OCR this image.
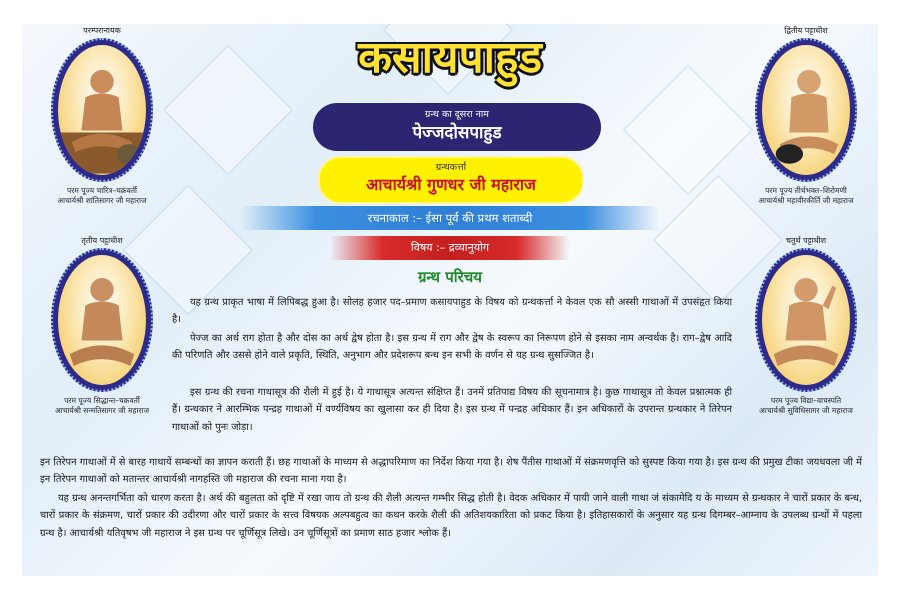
परम्परानायक
परम पूज्य चारित्र–चक्रवर्ती
आचार्यश्री शांतिसागर जी महाराज
द्वितीय पट्टाधीश
परम पूज्य तीर्थभक्त–शिरोमणी
आचार्यश्री महावीरकीर्ति जी महाराज
तृतीय पट्टाधीश
परम पूज्य सिद्धान्त–चक्रवर्ती
आचार्यश्री सन्मतिसागर जी महाराज
चतुर्थ पट्टाधीश
परम पूज्य विद्या–वाचस्पति
आचार्यश्री सुविधिसागर जी महाराज
कसायपाहुड
ग्रन्थ का दूसरा नाम
पेज्जदोसपाहुड
ग्रन्थकर्त्ता
आचार्यश्री गुणधर जी महाराज
रचनाकाल :– ईसा पूर्व की प्रथम शताब्दी
विषय :– द्रव्यानुयोग
ग्रन्थ परिचय

यह ग्रन्थ प्राकृत भाषा में लिपिबद्ध हुआ है। सोलह हजार पद–प्रमाण कसायपाहुड के विषय को ग्रन्थकर्त्ता ने केवल एक सौ अस्सी गाथाओं में उपसंहृत किया है।

पेज्ज का अर्थ राग होता है और दोस का अर्थ द्वेष होता है। इस ग्रन्थ में राग और द्वेष के स्वरूप का निरूपण होने से इसका नाम अन्वर्थक है। राग–द्वेष आदि की परिणति और उससे होने वाले प्रकृति, स्थिति, अनुभाग और प्रदेशरूप बन्ध इन सभी के वर्णन से यह ग्रन्थ सुसज्जित है।

इस ग्रन्थ की रचना गाथासूत्र की शैली में हुई है। ये गाथासूत्र अत्यन्त संक्षिप्त हैं। उनमें प्रतिपाद्य विषय की सूचनामात्र है। कुछ गाथासूत्र तो केवल प्रश्नात्मक ही हैं। ग्रन्थकार ने आरम्भिक पन्द्रह गाथाओं में वर्ण्यविषय का खुलासा कर ही दिया है। इस ग्रन्थ में पन्द्रह अधिकार हैं। इन अधिकारों के उपरान्त ग्रन्थकार ने तिरेपन गाथाओं को पुनः जोड़ा।

इन तिरेपन गाथाओं में से बारह गाथायें सम्बन्धों का ज्ञापन कराती हैं। छह गाथाओं के माध्यम से अद्धापरिमाण का निर्देश किया गया है। शेष पैंतीस गाथाओं में संक्रमणवृत्ति को सुस्पष्ट किया गया है। इस ग्रन्थ की प्रमुख टीका जयधवला जी में इन तिरेपन गाथाओं को मतान्तर आचार्यश्री नागहस्ति जी महाराज की रचना माना गया है।

यह ग्रन्थ अनन्तगर्भिता को धारण करता है। अर्थ की बहुलता को दृष्टि में रखा जाय तो ग्रन्थ की शैली अत्यन्त गम्भीर सिद्ध होती है। वेदक अधिकार में पायी जाने वाली गाथा जं संकामेदि य के माध्यम से ग्रन्थकार ने चारों प्रकार के बन्ध, चारों प्रकार के संक्रमण, चारों प्रकार की उदीरणा और चारों प्रकार के सत्त्व विषयक अल्पबहुत्व का कथन करके शैली की अतिशयकारिता को प्रकट किया है। इतिहासकारों के अनुसार यह ग्रन्थ दिगम्बर–आम्नाय के उपलब्ध ग्रन्थों में पहला ग्रन्थ है। आचार्यश्री यतिवृषभ जी महाराज ने इस ग्रन्थ पर चूर्णिसूत्र लिखे। उन चूर्णिसूत्रों का प्रमाण साठ हजार श्लोक हैं।
